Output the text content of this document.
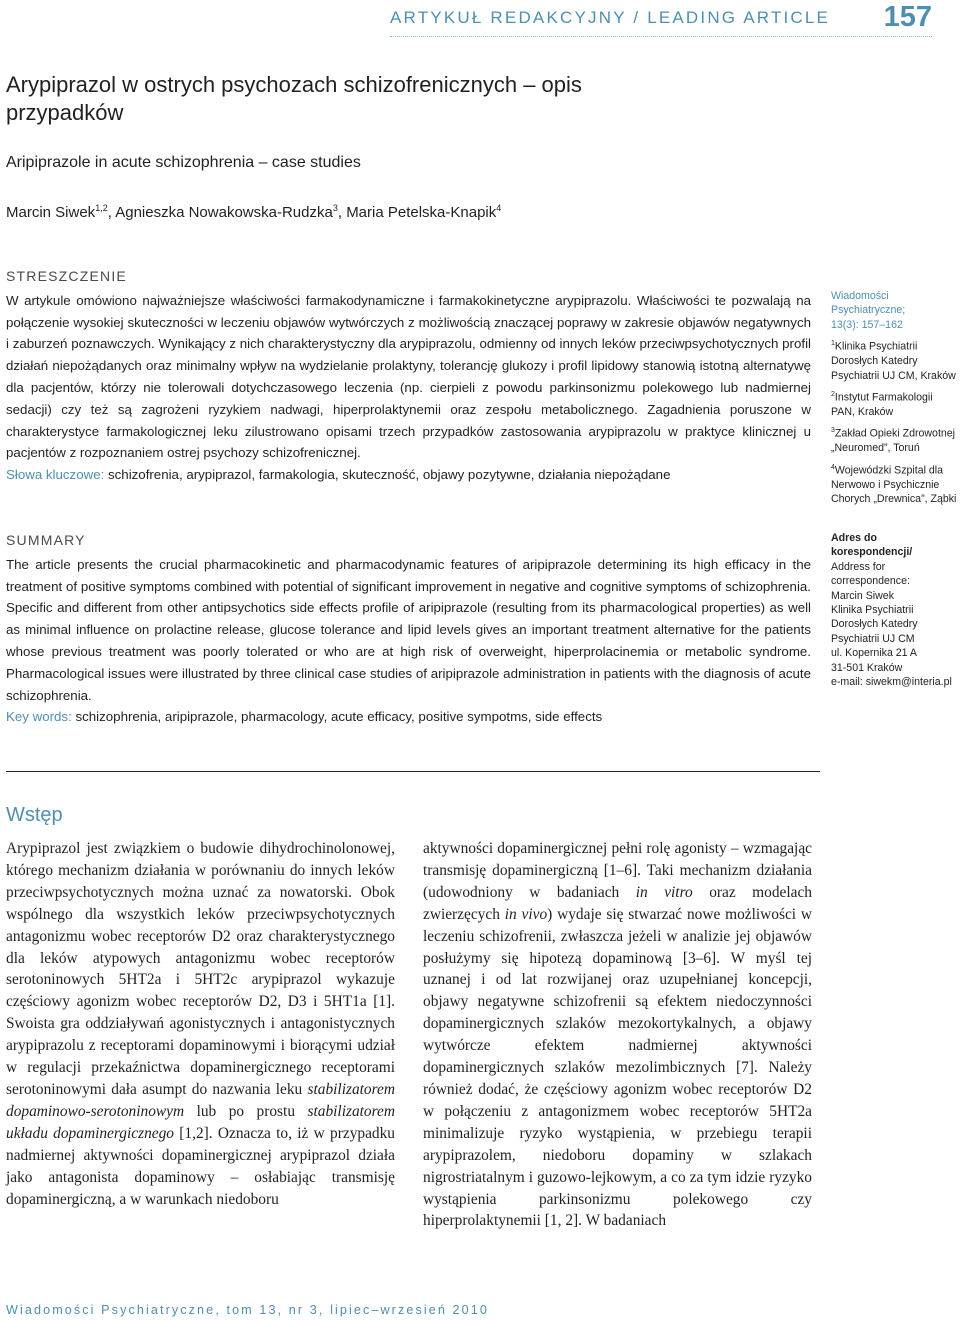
ARTYKUŁ REDAKCYJNY / LEADING ARTICLE 157
Arypiprazol w ostrych psychozach schizofrenicznych – opis przypadków
Aripiprazole in acute schizophrenia – case studies
Marcin Siwek$^{1,2}$, Agnieszka Nowakowska-Rudzka$^3$, Maria Petelska-Knapik$^4$
STRESZCZENIE
W artykule omówiono najważniejsze właściwości farmakodynamiczne i farmakokinetyczne arypiprazolu. Właściwości te pozwalają na połączenie wysokiej skuteczności w leczeniu objawów wytwórczych z możliwością znaczącej poprawy w zakresie objawów negatywnych i zaburzeń poznawczych. Wynikający z nich charakterystyczny dla arypiprazolu, odmienny od innych leków przeciwpsychotycznych profil działań niepożądanych oraz minimalny wpływ na wydzielanie prolaktyny, tolerancję glukozy i profil lipidowy stanowią istotną alternatywę dla pacjentów, którzy nie tolerowali dotychczasowego leczenia (np. cierpieli z powodu parkinsonizmu polekowego lub nadmiernej sedacji) czy też są zagrożeni ryzykiem nadwagi, hiperprolaktynemii oraz zespołu metabolicznego. Zagadnienia poruszone w charakterystyce farmakologicznej leku zilustrowano opisami trzech przypadków zastosowania arypiprazolu w praktyce klinicznej u pacjentów z rozpoznaniem ostrej psychozy schizofrenicznej.
Słowa kluczowe: schizofrenia, arypiprazol, farmakologia, skuteczność, objawy pozytywne, działania niepożądane
SUMMARY
The article presents the crucial pharmacokinetic and pharmacodynamic features of aripiprazole determining its high efficacy in the treatment of positive symptoms combined with potential of significant improvement in negative and cognitive symptoms of schizophrenia. Specific and different from other antipsychotics side effects profile of aripiprazole (resulting from its pharmacological properties) as well as minimal influence on prolactine release, glucose tolerance and lipid levels gives an important treatment alternative for the patients whose previous treatment was poorly tolerated or who are at high risk of overweight, hiperprolacinemia or metabolic syndrome. Pharmacological issues were illustrated by three clinical case studies of aripiprazole administration in patients with the diagnosis of acute schizophrenia.
Key words: schizophrenia, aripiprazole, pharmacology, acute efficacy, positive sympotms, side effects
Wiadomości Psychiatryczne;
13(3): 157–162
$^1$Klinika Psychiatrii Dorosłych Katedry Psychiatrii UJ CM, Kraków
$^2$Instytut Farmakologii PAN, Kraków
$^3$Zakład Opieki Zdrowotnej „Neuromed”, Toruń
$^4$Wojewódzki Szpital dla Nerwowo i Psychicznie Chorych „Drewnica”, Ząbki
Adres do korespondencji/
Address for correspondence:
Marcin Siwek
Klinika Psychiatrii Dorosłych Katedry Psychiatrii UJ CM
ul. Kopernika 21 A
31-501 Kraków
e-mail: siwekm@interia.pl
Wstęp
Arypiprazol jest związkiem o budowie dihydrochinolonowej, którego mechanizm działania w porównaniu do innych leków przeciwpsychotycznych można uznać za nowatorski. Obok wspólnego dla wszystkich leków przeciwpsychotycznych antagonizmu wobec receptorów D2 oraz charakterystycznego dla leków atypowych antagonizmu wobec receptorów serotoninowych 5HT2a i 5HT2c arypiprazol wykazuje częściowy agonizm wobec receptorów D2, D3 i 5HT1a [1]. Swoista gra oddziaływań agonistycznych i antagonistycznych arypiprazolu z receptorami dopaminowymi i biorącymi udział w regulacji przekaźnictwa dopaminergicznego receptorami serotoninowymi dała asumpt do nazwania leku stabilizatorem dopaminowo-serotoninowym lub po prostu stabilizatorem układu dopaminergicznego [1,2]. Oznacza to, iż w przypadku nadmiernej aktywności dopaminergicznej arypiprazol działa jako antagonista dopaminowy – osłabiając transmisję dopaminergiczną, a w warunkach niedoboru
aktywności dopaminergicznej pełni rolę agonisty – wzmagając transmisję dopaminergiczną [1–6]. Taki mechanizm działania (udowodniony w badaniach in vitro oraz modelach zwierzęcych in vivo) wydaje się stwarzać nowe możliwości w leczeniu schizofrenii, zwłaszcza jeżeli w analizie jej objawów posłużymy się hipotezą dopaminową [3–6]. W myśl tej uznanej i od lat rozwijanej oraz uzupełnianej koncepcji, objawy negatywne schizofrenii są efektem niedoczynności dopaminergicznych szlaków mezokortykalnych, a objawy wytwórcze efektem nadmiernej aktywności dopaminergicznych szlaków mezolimbicznych [7]. Należy również dodać, że częściowy agonizm wobec receptorów D2 w połączeniu z antagonizmem wobec receptorów 5HT2a minimalizuje ryzyko wystąpienia, w przebiegu terapii arypiprazolem, niedoboru dopaminy w szlakach nigrostriatalnym i guzowo-lejkowym, a co za tym idzie ryzyko wystąpienia parkinsonizmu polekowego czy hiperprolaktynemii [1, 2]. W badaniach
Wiadomości Psychiatryczne, tom 13, nr 3, lipiec–wrzesień 2010
